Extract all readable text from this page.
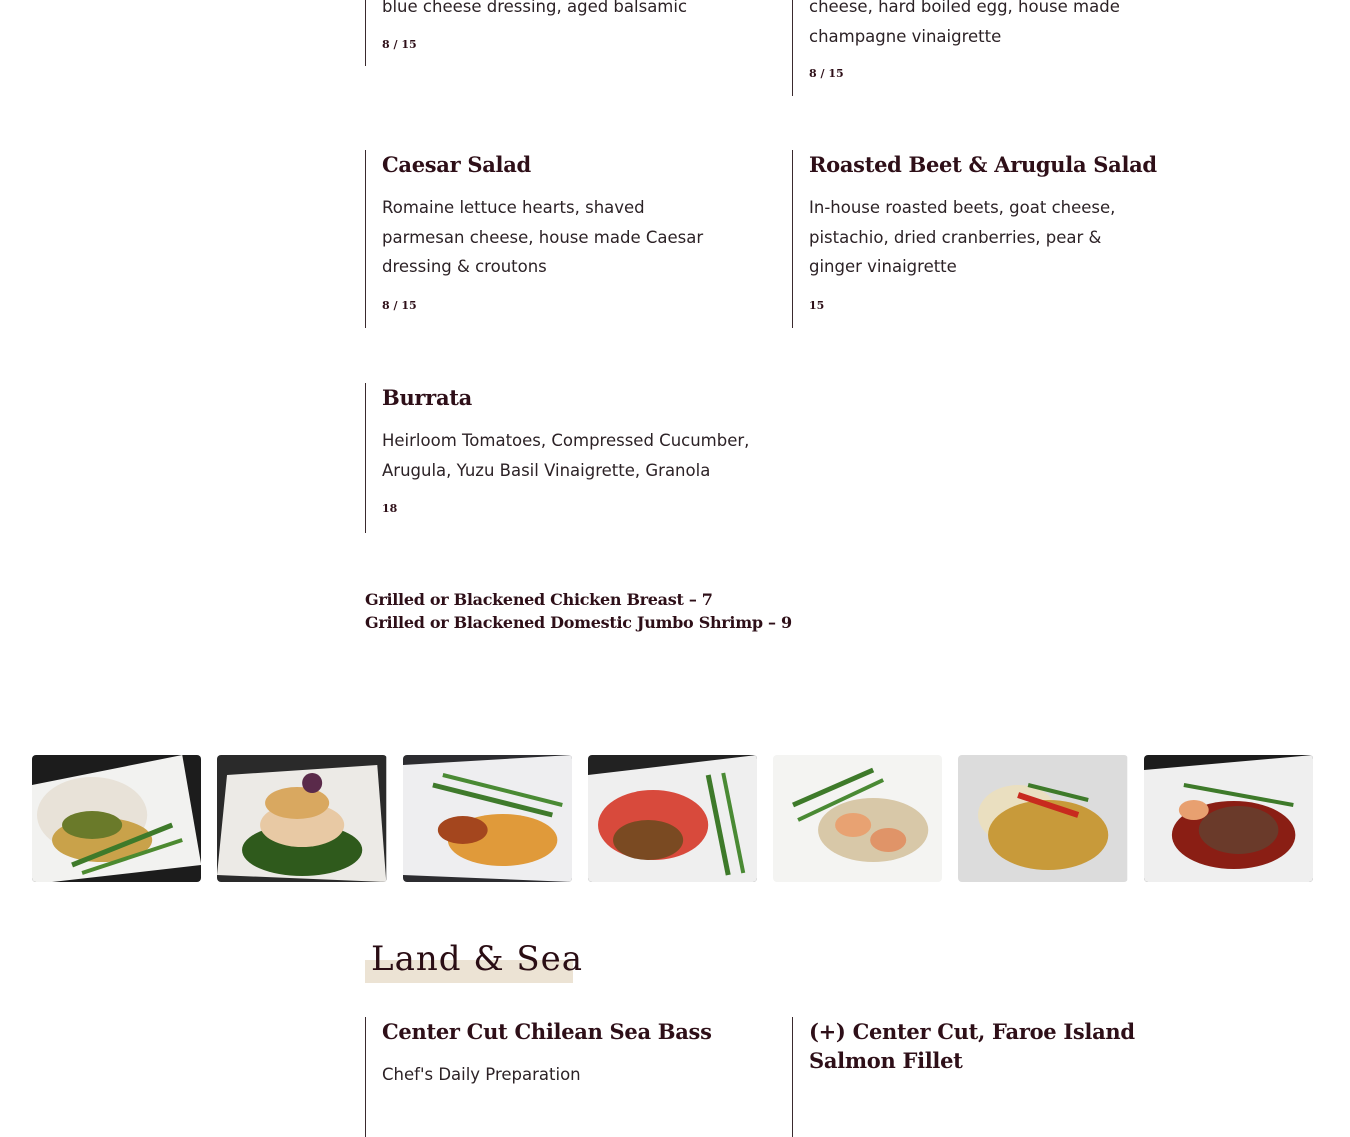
blue cheese dressing, aged balsamic

8 / 15

cheese, hard boiled egg, house made

champagne vinaigrette

8 / 15

Caesar Salad

Romaine lettuce hearts, shaved parmesan cheese, house made Caesar dressing & croutons

8 / 15

Roasted Beet & Arugula Salad

In-house roasted beets, goat cheese, pistachio, dried cranberries, pear & ginger vinaigrette

15

Burrata

Heirloom Tomatoes, Compressed Cucumber, Arugula, Yuzu Basil Vinaigrette, Granola

18

Grilled or Blackened Chicken Breast – 7
Grilled or Blackened Domestic Jumbo Shrimp – 9
Land & Sea
Center Cut Chilean Sea Bass

Chef's Daily Preparation

(+) Center Cut, Faroe Island
Salmon Fillet
